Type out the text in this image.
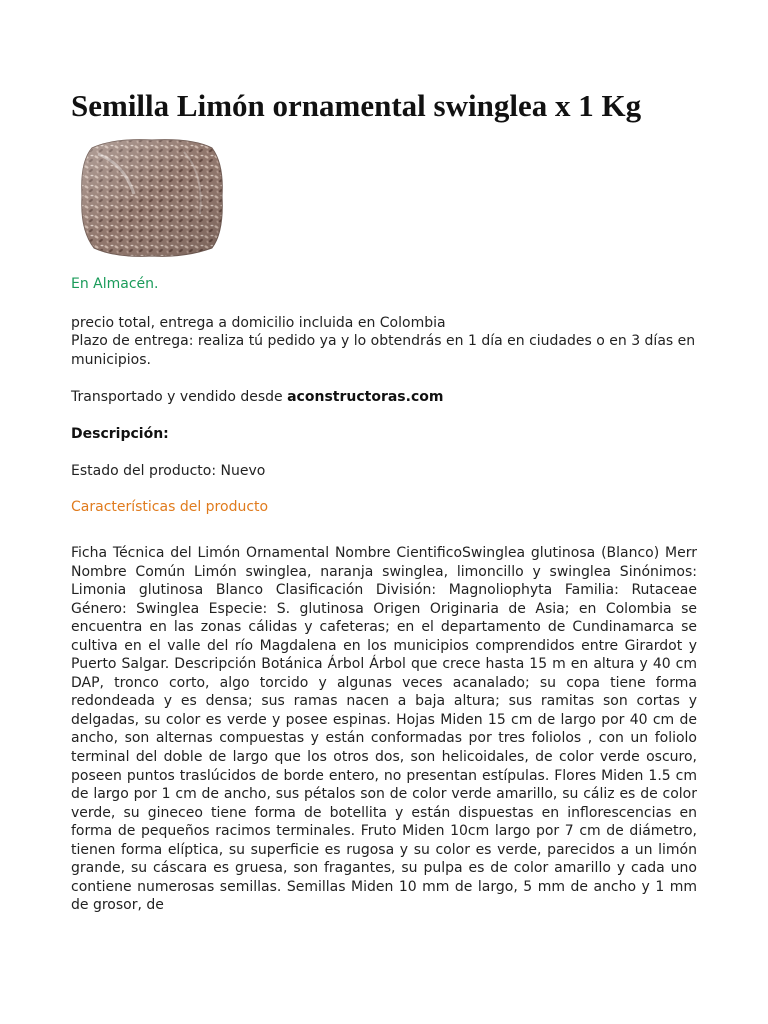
Semilla Limón ornamental swinglea x 1 Kg
En Almacén.
precio total, entrega a domicilio incluida en Colombia
Plazo de entrega: realiza tú pedido ya y lo obtendrás en 1 día en ciudades o en 3 días en municipios.
Transportado y vendido desde aconstructoras.com
Descripción:
Estado del producto: Nuevo
Características del producto
Ficha Técnica del Limón Ornamental Nombre CientificoSwinglea glutinosa (Blanco) Merr Nombre Común Limón swinglea, naranja swinglea, limoncillo y swinglea Sinónimos: Limonia glutinosa Blanco Clasificación División: Magnoliophyta Familia: Rutaceae Género: Swinglea Especie: S. glutinosa Origen Originaria de Asia; en Colombia se encuentra en las zonas cálidas y cafeteras; en el departamento de Cundinamarca se cultiva en el valle del río Magdalena en los municipios comprendidos entre Girardot y Puerto Salgar. Descripción Botánica Árbol Árbol que crece hasta 15 m en altura y 40 cm DAP, tronco corto, algo torcido y algunas veces acanalado; su copa tiene forma redondeada y es densa; sus ramas nacen a baja altura; sus ramitas son cortas y delgadas, su color es verde y posee espinas. Hojas Miden 15 cm de largo por 40 cm de ancho, son alternas compuestas y están conformadas por tres foliolos , con un foliolo terminal del doble de largo que los otros dos, son helicoidales, de color verde oscuro, poseen puntos traslúcidos de borde entero, no presentan estípulas. Flores Miden 1.5 cm de largo por 1 cm de ancho, sus pétalos son de color verde amarillo, su cáliz es de color verde, su gineceo tiene forma de botellita y están dispuestas en inflorescencias en forma de pequeños racimos terminales. Fruto Miden 10cm largo por 7 cm de diámetro, tienen forma elíptica, su superficie es rugosa y su color es verde, parecidos a un limón grande, su cáscara es gruesa, son fragantes, su pulpa es de color amarillo y cada uno contiene numerosas semillas. Semillas Miden 10 mm de largo, 5 mm de ancho y 1 mm de grosor, de
